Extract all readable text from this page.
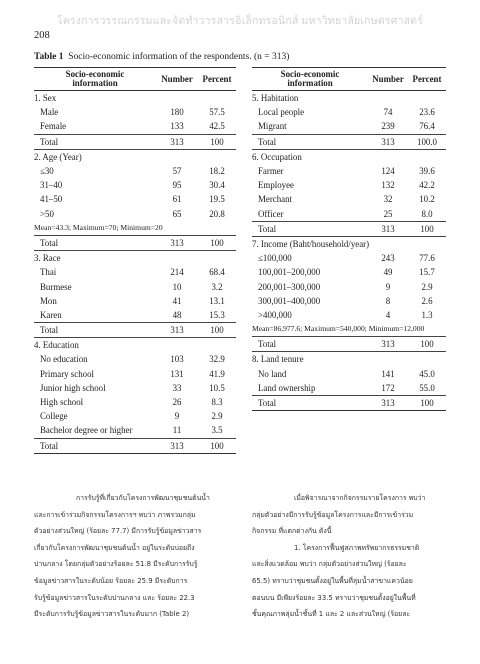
โครงการวรรณกรรมและจัดทำวารสารอิเล็กทรอนิกส์ มหาวิทยาลัยเกษตรศาสตร์
208
Table 1 Socio-economic information of the respondents. (n = 313)
Socio-economic information	Number	Percent
1. Sex		
Male	180	57.5
Female	133	42.5
Total	313	100
2. Age (Year)		
≤30	57	18.2
31–40	95	30.4
41–50	61	19.5
>50	65	20.8
Mean=43.3; Maximum=70; Minimum=20		
Total	313	100
3. Race		
Thai	214	68.4
Burmese	10	3.2
Mon	41	13.1
Karen	48	15.3
Total	313	100
4. Education		
No education	103	32.9
Primary school	131	41.9
Junior high school	33	10.5
High school	26	8.3
College	9	2.9
Bachelor degree or higher	11	3.5
Total	313	100
Socio-economic information	Number	Percent
5. Habitation		
Local people	74	23.6
Migrant	239	76.4
Total	313	100.0
6. Occupation		
Farmer	124	39.6
Employee	132	42.2
Merchant	32	10.2
Officer	25	8.0
Total	313	100
7. Income (Baht/household/year)		
≤100,000	243	77.6
100,001–200,000	49	15.7
200,001–300,000	9	2.9
300,001–400,000	8	2.6
>400,000	4	1.3
Mean=86,977.6; Maximum=540,000; Minimum=12,000		
Total	313	100
8. Land tenure		
No land	141	45.0
Land ownership	172	55.0
Total	313	100
การรับรู้ที่เกี่ยวกับโครงการพัฒนาชุมชนต้นน้ำ
และการเข้าร่วมกิจกรรมโครงการฯ พบว่า ภาพรวมกลุ่ม
ตัวอย่างส่วนใหญ่ (ร้อยละ 77.7) มีการรับรู้ข้อมูลข่าวสาร
เกี่ยวกับโครงการพัฒนาชุมชนต้นน้ำ อยู่ในระดับบ่อยถึง
ปานกลาง โดยกลุ่มตัวอย่างร้อยละ 51.8 มีระดับการรับรู้
ข้อมูลข่าวสารในระดับน้อย ร้อยละ 25.9 มีระดับการ
รับรู้ข้อมูลข่าวสารในระดับปานกลาง และ ร้อยละ 22.3
มีระดับการรับรู้ข้อมูลข่าวสารในระดับมาก (Table 2)
เมื่อพิจารณาจากกิจกรรมรายโครงการ พบว่า
กลุ่มตัวอย่างมีการรับรู้ข้อมูลโครงการและมีการเข้าร่วม
กิจกรรม ที่แตกต่างกัน ดังนี้
1. โครงการฟื้นฟูสภาพทรัพยากรธรรมชาติ
และสิ่งแวดล้อม พบว่า กลุ่มตัวอย่างส่วนใหญ่ (ร้อยละ
65.5) ทราบว่าชุมชนตั้งอยู่ในพื้นที่ลุ่มน้ำสาขาแควน้อย
ตอนบน มีเพียงร้อยละ 33.5 ทราบว่าชุมชนตั้งอยู่ในพื้นที่
ชั้นคุณภาพลุ่มน้ำชั้นที่ 1 และ 2 และส่วนใหญ่ (ร้อยละ
